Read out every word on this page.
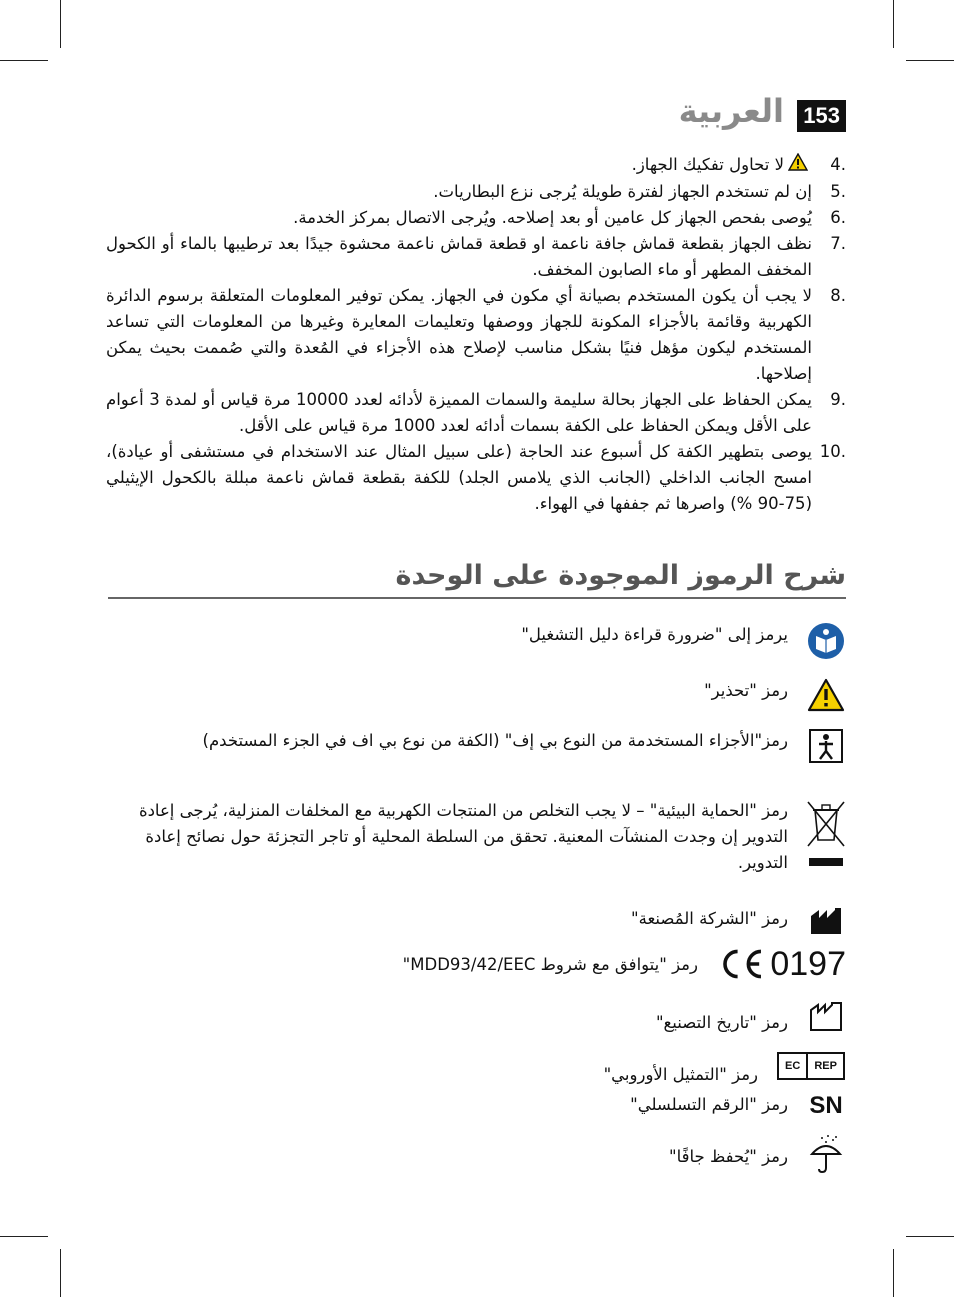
153
العربية
.4
لا تحاول تفكيك الجهاز.
.5
إن لم تستخدم الجهاز لفترة طويلة يُرجى نزع البطاريات.
.6
يُوصى بفحص الجهاز كل عامين أو بعد إصلاحه. ويُرجى الاتصال بمركز الخدمة.
.7
نظف الجهاز بقطعة قماش جافة ناعمة او قطعة قماش ناعمة محشوة جيدًا بعد ترطيبها بالماء أو الكحول المخفف المطهر أو ماء الصابون المخفف.
.8
لا يجب أن يكون المستخدم بصيانة أي مكون في الجهاز. يمكن توفير المعلومات المتعلقة برسوم الدائرة الكهربية وقائمة بالأجزاء المكونة للجهاز ووصفها وتعليمات المعايرة وغيرها من المعلومات التي تساعد المستخدم ليكون مؤهل فنيًا بشكل مناسب لإصلاح هذه الأجزاء في المُعدة والتي صُممت بحيث يمكن إصلاحها.
.9
يمكن الحفاظ على الجهاز بحالة سليمة والسمات المميزة لأدائه لعدد 10000 مرة قياس أو لمدة 3 أعوام على الأقل ويمكن الحفاظ على الكفة بسمات أدائه لعدد 1000 مرة قياس على الأقل.
.10
يوصى بتطهير الكفة كل أسبوع عند الحاجة (على سبيل المثال عند الاستخدام في مستشفى أو عيادة)، امسح الجانب الداخلي (الجانب الذي يلامس الجلد) للكفة بقطعة قماش ناعمة مبللة بالكحول الإيثيلي (75-90 %) واصرها ثم جففها في الهواء.
شرح الرموز الموجودة على الوحدة
يرمز إلى "ضرورة قراءة دليل التشغيل"
رمز "تحذير"
رمز"الأجزاء المستخدمة من النوع بي إف" (الكفة من نوع بي اف في الجزء المستخدم)
رمز "الحماية البيئية" – لا يجب التخلص من المنتجات الكهربية مع المخلفات المنزلية، يُرجى إعادة التدوير إن وجدت المنشآت المعنية. تحقق من السلطة المحلية أو تاجر التجزئة حول نصائح إعادة التدوير.
رمز "الشركة المُصنعة"
0197
رمز "يتوافق مع شروط MDD93/42/EEC"
رمز "تاريخ التصنيع"
EC	REP
رمز "التمثيل الأوروبي"
SN
رمز "الرقم التسلسلي"
رمز "يُحفظ جافًا"
